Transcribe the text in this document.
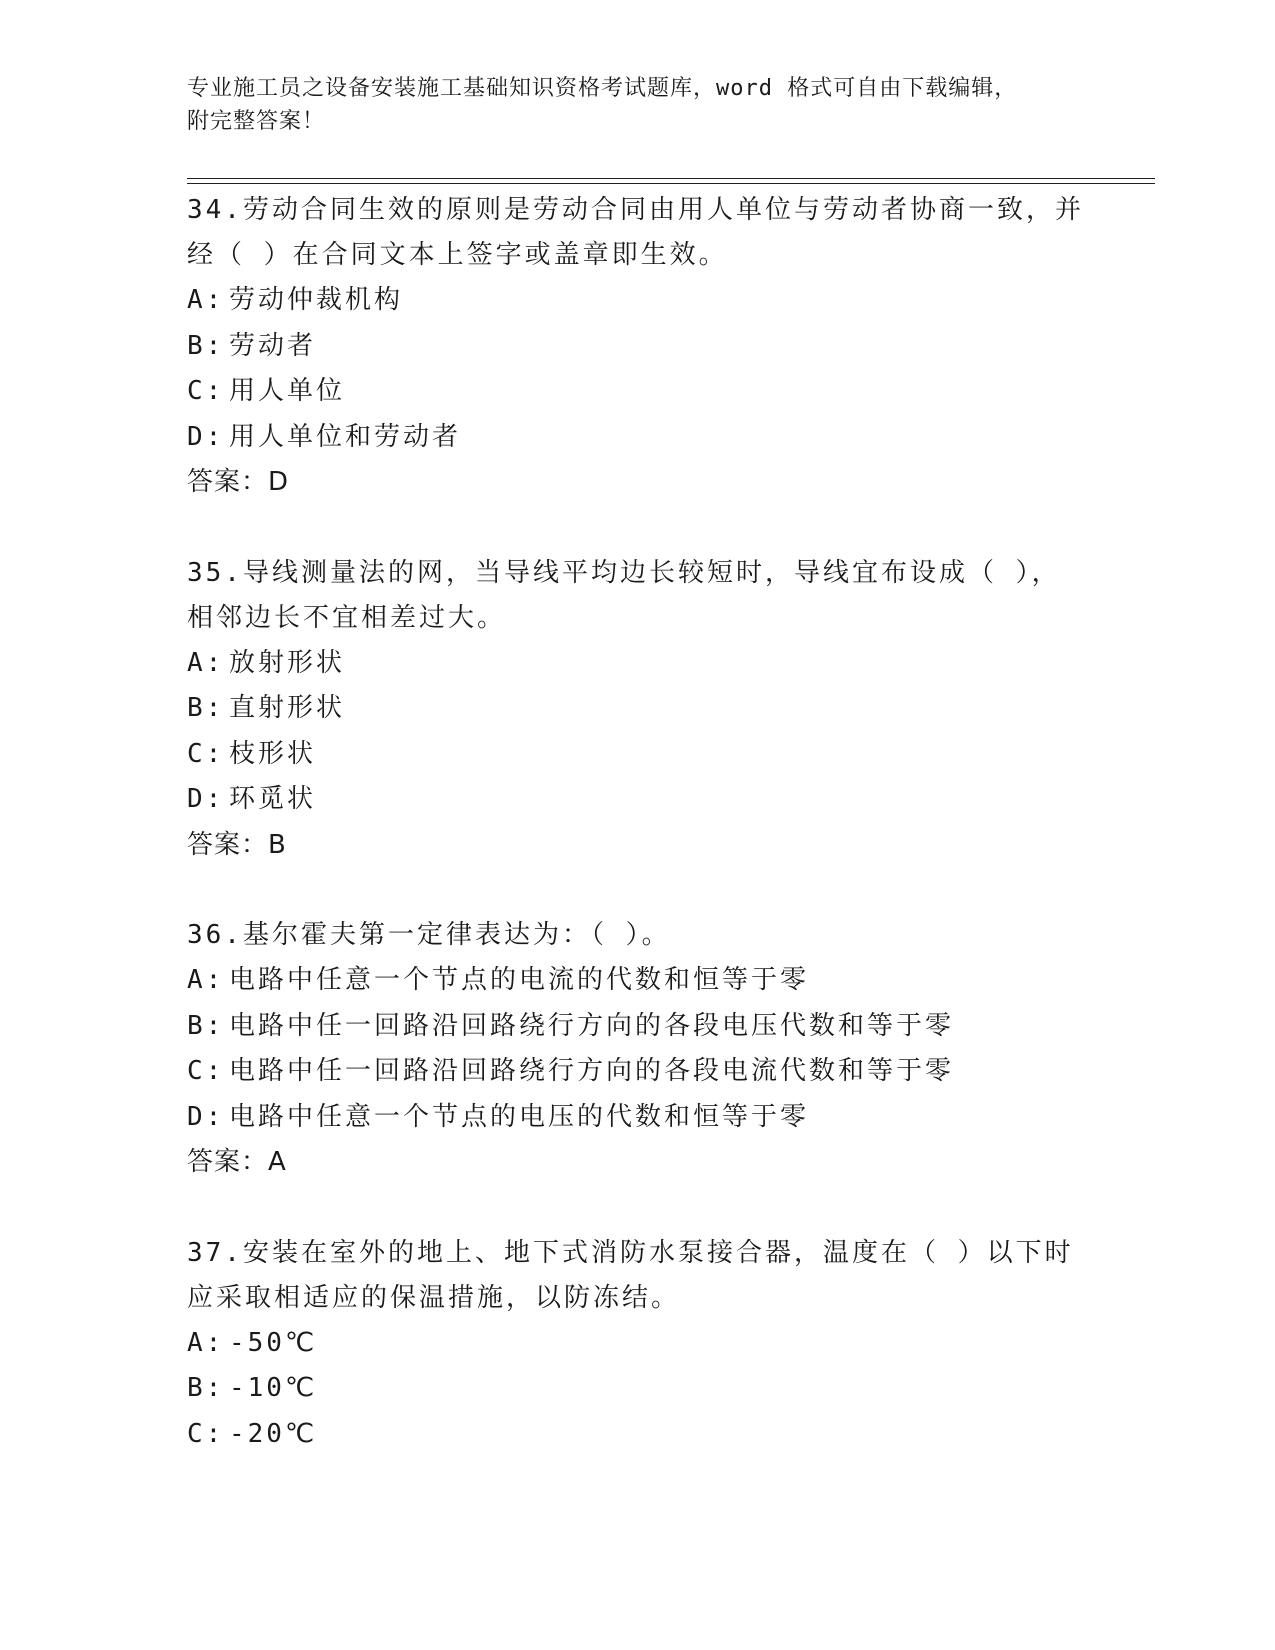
专业施工员之设备安装施工基础知识资格考试题库，word 格式可自由下载编辑，
附完整答案！

34.劳动合同生效的原则是劳动合同由用人单位与劳动者协商一致，并

经（ ）在合同文本上签字或盖章即生效。

A: 劳动仲裁机构

B: 劳动者

C: 用人单位

D: 用人单位和劳动者

答案：D

35.导线测量法的网，当导线平均边长较短时，导线宜布设成（ ），

相邻边长不宜相差过大。

A: 放射形状

B: 直射形状

C: 枝形状

D: 环觅状

答案：B

36.基尔霍夫第一定律表达为：（ ）。

A: 电路中任意一个节点的电流的代数和恒等于零

B: 电路中任一回路沿回路绕行方向的各段电压代数和等于零

C: 电路中任一回路沿回路绕行方向的各段电流代数和等于零

D: 电路中任意一个节点的电压的代数和恒等于零

答案：A

37.安装在室外的地上、地下式消防水泵接合器，温度在（ ）以下时

应采取相适应的保温措施，以防冻结。

A: -50℃

B: -10℃

C: -20℃
